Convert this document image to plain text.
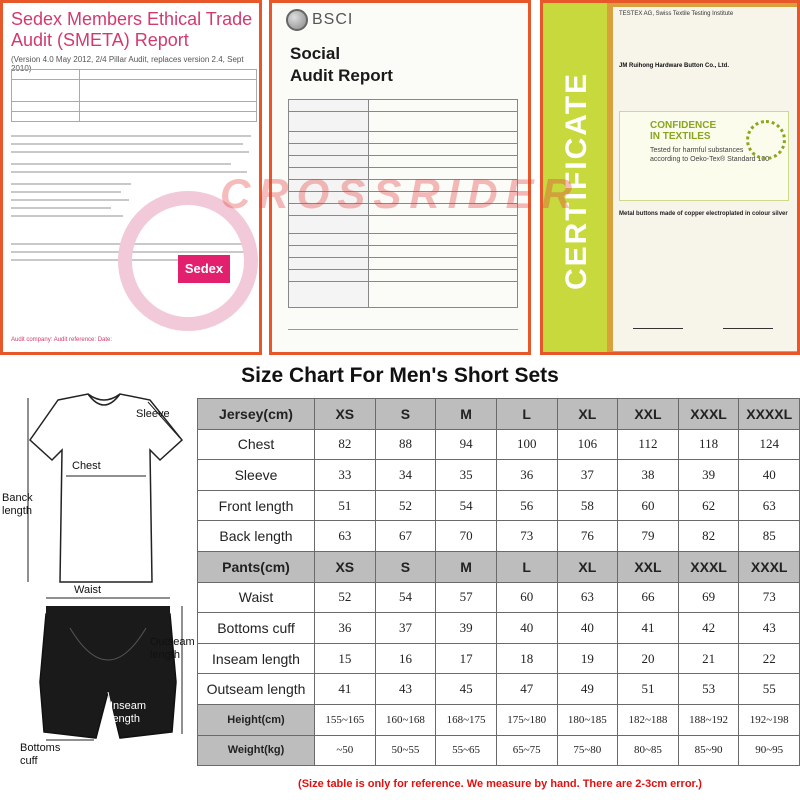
Sedex Members Ethical Trade Audit (SMETA) Report
(Version 4.0 May 2012, 2/4 Pillar Audit, replaces version 2.4, Sept 2010)

Sedex
Audit company: Audit reference: Date:
BSCI
Social
Audit Report

		CERTIFICATE
TESTEX AG, Swiss Textile Testing Institute
JM Ruihong Hardware Button Co., Ltd.
CONFIDENCE
IN TEXTILES
Tested for harmful substances
according to Oeko-Tex® Standard 100
Metal buttons made of copper electroplated in colour silver
CROSSRIDER
Size Chart For Men's Short Sets
Sleeve
Chest
Banck
length
Waist
Outseam
length
Inseam
length
Bottoms
cuff
Jersey(cm)	XS	S	M	L	XL	XXL	XXXL	XXXXL
Chest	82	88	94	100	106	112	118	124
Sleeve	33	34	35	36	37	38	39	40
Front length	51	52	54	56	58	60	62	63
Back length	63	67	70	73	76	79	82	85
Pants(cm)	XS	S	M	L	XL	XXL	XXXL	XXXL
Waist	52	54	57	60	63	66	69	73
Bottoms cuff	36	37	39	40	40	41	42	43
Inseam length	15	16	17	18	19	20	21	22
Outseam length	41	43	45	47	49	51	53	55
Height(cm)	155~165	160~168	168~175	175~180	180~185	182~188	188~192	192~198
Weight(kg)	~50	50~55	55~65	65~75	75~80	80~85	85~90	90~95
(Size table is only for reference. We measure by hand. There are 2-3cm error.)
